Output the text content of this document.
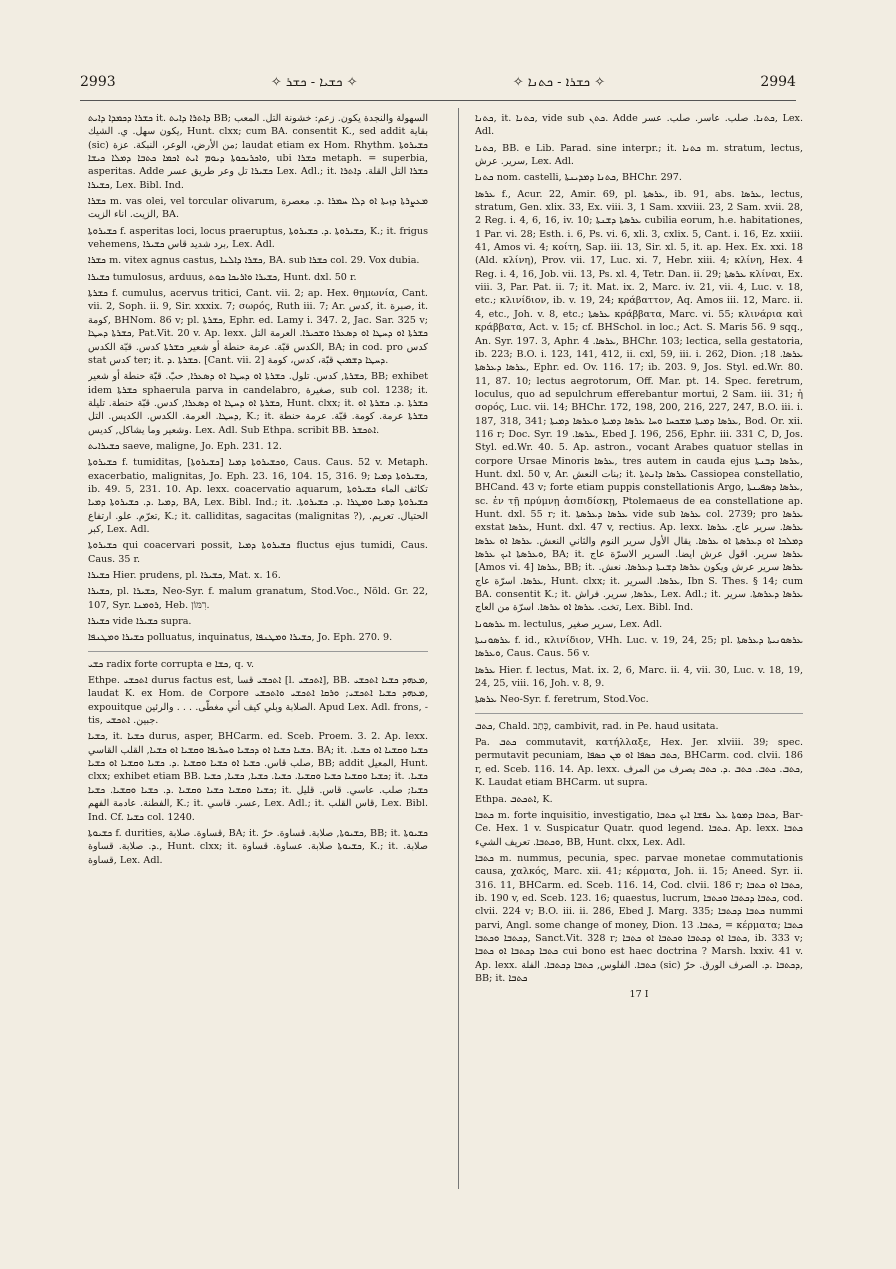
2993	✧ ܟܫܝܐ - ܟܫܪ ✧	✧ ܟܫܪܐ - ܟܬܢܐ ✧	2994

ܟܫܪܐ ܕܟܡܕܐ ܕܐܝܬ it. ܕܐܬܪܐ ܕܐܝܬ BB; السهولة والنجدة يكون. زعم: خشونة التل. المعب يكون سهل. ي. الشيك, Hunt. clxx; cum BA. consentit K., sed addit بقاية (sic) من الأرض، الوعر، النبكة. عزة; laudat etiam ex Hom. Rhythm. ܟܫܝܪܘܬܐ ܘܐܟܪܝܟܘܬܐ ܕܝܘܡ ܐܝܬ ܐܟܡܐ ܟܬܒܐ ܕܡܠܐ ܟܝܫܐ, ubi ܟܫܪܐ metaph. = superbia, asperitas. Adde ܟܫܝܪܐ تل وعر طريق عسر Lex. Adl.; it. ܟܫܪܐ التل القلة. ܕܐܬܪܐ ܟܫܝܪܐ, Lex. Bibl. Ind.

ܟܫܪܐ m. vas olei, vel torcular olivarum, ܡܥܨܪܬܐ ܕܙܝܬܐ ܐܘ ܕܠܐ ܚܡܪܐ .ܕ. معصرة الزيت. اناء الزيت, BA.

ܟܫܝܪܘܬܐ f. asperitas loci, locus praeruptus, ܟܫܝܪܘܬܐ .ܕ. ܟܫܝܪܘܬܐ, K.; it. frigus vehemens, برد شديد قاس ܟܫܝܪܐ, Lex. Adl.

ܟܫܪܐ m. vitex agnus castus, ܟܫܪܐ ܕܐܠܢܐ, BA. sub ܟܫܪܐ col. 29. Vox dubia.

ܟܫܝܪܐ tumulosus, arduus, ܟܫܝܪܐ ܘܐܪܝܟܐ ܟܘܬ, Hunt. dxl. 50 r.

ܟܫܪܬܐ f. cumulus, acervus tritici, Cant. vii. 2; ap. Hex. θημωνία, Cant. vii. 2, Soph. ii. 9, Sir. xxxix. 7; σωρός, Ruth iii. 7; Ar. كدس, it. صبرة, it. كومة, BHNom. 86 v; pl. ܟܫܪܬܐ, Ephr. ed. Lamy i. 347. 2, Jac. Sar. 325 v; ܟܫܪܬܐ ܕܚܛܐ, Pat.Vit. 20 v. Ap. lexx. ܟܫܪܬܐ ܐܘ ܕܚܛܐ ܐܘ ܕܣܥܪܐ ܘܫܟܝܪܐ. العرمة التل الكدس قبّة. عرمة حنطة أو شعير ܟܫܪܬܐ كدس. قبّة الكدس, BA; in cod. pro كدس stat كدس ter; it. ܟܫܪܬܐ .ܕ. [Cant. vii. 2] ܕܚܛܐ ܕܫܡܝܢ قبّة، كدس، كومة.

ܟܫܪܬܐ, كدس. تلول. ܟܫܪܬܐ ܐܘ ܕܚܛܐ ܐܘ ܕܣܥܪܐ, حبّ. قبّة حنطة أو شعير, BB; exhibet idem ܟܫܪܬܐ sphaerula parva in candelabro, صغيرة, sub col. 1238; it. ܟܫܪܬܐ ܐܘ ܕܚܛܐ ܐܘ ܕܣܥܪܐ, كدس. قبّة حنطة. تليلة, Hunt. clxx; it. ܟܫܪܬܐ .ܕ. ܟܫܪܬܐ ܐܘ ܕܚܛܐ. العرمة. الكدس. الكديس. التل, K.; it. ܟܫܪܬܐ عرمة. كومة. قبّة. عرمة حنطة وشعير وما يشاكل, كديس. Lex. Adl. Sub Ethpa. scribit BB. ܐܬܟܫܪ.

ܟܫܝܪܐܝܬ saeve, maligne, Jo. Eph. 231. 12.

ܟܫܝܪܘܬܐ f. tumiditas, [ܟܫܝܪܘܬܐ] ܘܟܫܝܪܘܬܐ ܕܡܝܐ, Caus. Caus. 52 v. Metaph. exacerbatio, malignitas, Jo. Eph. 23. 16, 104. 15, 316. 9; ܟܫܝܪܘܬܐ ܕܡܝܐ, ib. 49. 5, 231. 10. Ap. lexx. coacervatio aquarum, تكاثف الماء ܟܫܝܪܘܬܐ ܕܡܝܐ .ܕ. ܟܫܝܪܘܬܐ ܕܡܝܐ, BA, Lex. Bibl. Ind.; it. ܟܫܝܪܘܬܐ ܕܡܝܐ ܘܡܛܪܐ .ܕ. ܟܫܝܪܘܬܐ. تعرّم. علو. ارتفاع, K.; it. calliditas, sagacitas (malignitas ?), الحتيال. تعريم. كبر, Lex. Adl.

ܟܫܝܪܘܬܐ qui coacervari possit, ܟܫܝܪܘܬܐ ܕܡܝܐ fluctus ejus tumidi, Caus. Caus. 35 r.

ܟܫܝܪܐ Hier. prudens, pl. ܟܫܝܪܐ, Mat. x. 16.

ܟܫܝܪܐ, pl. ܟܫܝܪܐ, Neo-Syr. f. malum granatum, Stod.Voc., Nöld. Gr. 22, 107, Syr. ܪܘܡܢܐ, Heb. רִמּוֹן.

ܟܫܝܪܐ vide ܟܫܝܪܐ supra.

ܟܫܝܪܐ ܘܡܛܢܦܐ polluatus, inquinatus, ܟܫܝܪܐ ܘܡܛܢܦܐ, Jo. Eph. 270. 9.

ܟܫܝ radix forte corrupta e ܟܫܐ, q. v.

Ethpe. ܐܬܟܫܝ durus factus est, ܐܬܟܫܝ قسا [l. ܐܬܟܫܝ], BB. ܡܥܗܕ ܟܫܝܐ ܐܬܟܫܝ, laudat K. ex Hom. de Corpore ܡܥܗܕ ܟܫܝܐ ܐܬܟܫܝ; ܘܪܩܐ ܐܬܟܫܝ ܘܐܬܟܫܝ, expouitque الصلابة وبلي كيف أني مغطّى. . . . والرئين. Apud Lex. Adl. frons, -tis, جبين. ܐܬܟܫܝ.

ܟܫܝܐ, it. ܟܫܝܐ durus, asper, BHCarm. ed. Sceb. Proem. 3. 2. Ap. lexx. ܟܫܝܐ ܟܫܝܐ ܐܘ ܕܟܫܝܐ ܘܚܪܝܦܐ ܘܩܫܝܐ ܐܘ ܟܫܝܐ, القلب القاسي. BA; it. ܟܫܝܐ ܘܩܫܝܐ ܐܘ ܟܫܝܐ. صلب قاس. ܟܫܝܐ ܐܘ ܟܫܝܐ ܘܩܫܝܐ .ܕ. ܟܫܝܐ ܘܩܫܝܐ ܐܘ ܟܫܝܐ, BB; addit المعيل, Hunt. clxx; exhibet etiam BB. ܟܫܝܐ ܘܩܫܝܐ ܟܫܝܐ ܘܩܫܝܐ. ܟܫܝܐ. ܟܫܝܐ, ܟܫܝܐ, ܟܫܝܐ; it. ܟܫܝܐ. ܟܫܝܐ ܘܩܫܝܐ ܟܫܝܐ ܘܩܫܝܐ .ܕ. ܟܫܝܐ ܘܩܫܝܐ. ܟܫܝܐ; it. ܟܫܝܐ; صلب. عاسي. قاس. قليل الفطنة. عادمة الفهم, K.; it. عسر. قاسي, Lex. Adl.; it. قاس القلب, Lex. Bibl. Ind. Cf. ܟܫܝܐ col. 1240.

ܟܫܝܘܬܐ f. durities, قساوة. صلابة, BA; it. ܟܫܝܘܬܐ, صلابة. قساوة. حرّ, BB; it. ܟܫܝܘܬܐ .ܕ. صلابة. قساوة, Hunt. clxx; it. ܟܫܝܘܬܐ صلابة. عساوة. قساوة, K.; it. صلابة. قساوة, Lex. Adl.

ܟܬܢܐ, it. ܟܬܢܐ, vide sub ܟܬܢ. Adde ܟܬܢܐ. صلب. عاسر. صلب. عسر, Lex. Adl.

ܟܬܢܐ, BB. e Lib. Parad. sine interpr.; it. ܟܬܢܐ m. stratum, lectus, سرير. عرش, Lex. Adl.

ܟܬܢܐ nom. castelli, ܟܬܢܐ ܕܡܕܝܢܬܐ, BHChr. 297.

ܥܪܣܐ f., Acur. 22, Amir. 69, pl. ܥܪܣܬܐ, ib. 91, abs. ܥܪܣܐ, lectus, stratum, Gen. xlix. 33, Ex. viii. 3, 1 Sam. xxviii. 23, 2 Sam. xvii. 28, 2 Reg. i. 4, 6, 16, iv. 10; ܥܪܣܬܐ ܕܫܢܬܐ cubilia eorum, h.e. habitationes, 1 Par. vi. 28; Esth. i. 6, Ps. vi. 6, xli. 3, cxlix. 5, Cant. i. 16, Ez. xxiii. 41, Amos vi. 4; κοίτη, Sap. iii. 13, Sir. xl. 5, it. ap. Hex. Ex. xxi. 18 (Ald. κλίνη), Prov. vii. 17, Luc. xi. 7, Hebr. xiii. 4; κλίνη, Hex. 4 Reg. i. 4, 16, Job. vii. 13, Ps. xl. 4, Tetr. Dan. ii. 29; ܥܪܣܬܐ κλίναι, Ex. viii. 3, Par. Pat. ii. 7; it. Mat. ix. 2, Marc. iv. 21, vii. 4, Luc. v. 18, etc.; κλινίδιον, ib. v. 19, 24; κράβαττον, Aq. Amos iii. 12, Marc. ii. 4, etc., Joh. v. 8, etc.; ܥܪܣܬܐ κράββατα, Marc. vi. 55; κλινάρια καὶ κράββατα, Act. v. 15; cf. BHSchol. in loc.; Act. S. Maris 56. 9 sqq., An. Syr. 197. 3, Aphr. ܥܪܣܐ. 4, BHChr. 103; lectica, sella gestatoria, ib. 223; B.O. i. 123, 141, 412, ii. cxl, 59, iii. i. 262, Dion. ܥܪܣܐ. 18; ܥܪܣܐ ܕܥܪܣܬܐ, Ephr. ed. Ov. 116. 17; ib. 203. 9, Jos. Styl. ed.Wr. 80. 11, 87. 10; lectus aegrotorum, Off. Mar. pt. 14. Spec. feretrum, loculus, quo ad sepulchrum efferebantur mortui, 2 Sam. iii. 31; ἡ σορός, Luc. vii. 14; BHChr. 172, 198, 200, 216, 227, 247, B.O. iii. i. 187, 318, 341; ܥܪܣܐ ܕܡܝܬܐ ܡܫܟܚܐ ܘܚܐ ܥܪܣܐ ܕܡܝܬܐ ܘܥܪܣܐ ܕܡܝܬܐ, Bod. Or. xii. 116 r; Doc. Syr. ܥܪܣܐ. 19, Ebed J. 196, 256, Ephr. iii. 331 C, D, Jos. Styl. ed.Wr. 40. 5. Ap. astron., vocant Arabes quatuor stellas in corpore Ursae Minoris ܥܪܣܐ, tres autem in cauda ejus ܥܪܣܐ ܕܒܢܬܐ, Hunt. dxl. 50 v, Ar. بنات النعش; it. ܥܪܣܐ ܕܐܢܬܬܐ Cassiopea constellatio, BHCand. 43 v; forte etiam puppis constellationis Argo, ܥܪܣܐ ܕܣܦܝܢܬܐ, sc. ἐν τῇ πρύμνῃ ἀσπιδίσκῃ, Ptolemaeus de ea constellatione ap. Hunt. dxl. 55 r; it. ܥܪܣܐ ܕܥܪܣܬܐ vide sub ܥܪܣܐ col. 2739; pro ܥܪܣܐ exstat ܥܪܣܐ, Hunt. dxl. 47 v, rectius. Ap. lexx. ܥܪܣܐ. سرير عاج. ܥܪܣܐ ܕܡܠܟܐ ܐܘ ܕܥܪܣܬܐ ܐܘ ܥܪܣܐ. يقال الأول سرير النوم والثاني النعش. ܥܪܣܐ ܐܘ ܥܪܣܐ ܘܥܪܣܬܐ ܐܝܟ ܥܪܣܐ, BA; it. ܥܪܣܐ سرير. اقول عرش ايضا. السرير الاسرّة عاج [Amos vi. 4] ܥܪܣܐ, BB; it. ܥܪܣܐ سرير عرش ويكون ܥܪܣܐ ܕܫܢܬܐ ܕܥܪܣܐ. نعش. ܥܪܣܐ. اسرّة عاج, Hunt. clxx; it. ܥܪܣܐ. السرير, Ibn S. Thes. § 14; cum BA. consentit K.; it. ܥܪܣܐ, سرير. فراش, Lex. Adl.; it. ܥܪܣܐ ܕܥܪܣܬܐ. سرير تخت. ܥܪܣܐ ܐܘ ܥܪܣܐ. اسرّة من العاج, Lex. Bibl. Ind.

ܥܪܣܘܢܐ m. lectulus, سرير صغير, Lex. Adl.

ܥܪܣܘܢܝܬܐ f. id., κλινίδιον, VHh. Luc. v. 19, 24, 25; pl. ܥܪܣܘܢܝܬܐ ܕܥܪܣܬܐ ܘܥܪܣܐ, Caus. Caus. 56 v.

ܥܪܣܐ Hier. f. lectus, Mat. ix. 2, 6, Marc. ii. 4, vii. 30, Luc. v. 18, 19, 24, 25, viii. 16, Joh. v. 8, 9.

ܥܪܣܬܐ Neo-Syr. f. feretrum, Stod.Voc.

ܟܬܒ, Chald. כְּתַב, cambivit, rad. in Pe. haud usitata.

Pa. ܟܬܒ commutavit, κατήλλαξε, Hex. Jer. xlviii. 39; spec. permutavit pecuniam, ܟܬܒ ܟܣܦܐ ܐܘ ܡܢ ܟܣܦܐ, BHCarm. cod. clvii. 186 r, ed. Sceb. 116. 14. Ap. lexx. ܟܬܒ. ܟܬܒ. ܟܬܒ .ܕ. ܟܬܒ يصرف من المرف, K. Laudat etiam BHCarm. ut supra.

Ethpa. ܐܬܟܬܒ, K.

ܟܬܒܐ m. forte inquisitio, investigatio, ܟܬܒܐ ܕܡܘܬܐ ܥܠ ܢܦܫܐ ܐܝܟ ܟܬܒܐ, Bar-Ce. Hex. 1 v. Suspicatur Quatr. quod legend. ܟܬܒܐ. Ap. lexx. ܟܬܒܐ ܘܟܬܒܐ. تعريف الشيء, BB, Hunt. clxx, Lex. Adl.

ܟܬܒܐ m. nummus, pecunia, spec. parvae monetae commutationis causa, χαλκός, Marc. xii. 41; κέρματα, Joh. ii. 15; Aneed. Syr. ii. 316. 11, BHCarm. ed. Sceb. 116. 14, Cod. clvii. 186 r; ܟܬܒܐ ܐܘ ܟܬܒܐ, ib. 190 v, ed. Sceb. 123. 16; quaestus, lucrum, ܟܬܒܐ ܕܟܬܒܐ ܘܟܬܒܐ, cod. clvii. 224 v; B.O. iii. ii. 286, Ebed J. Marg. 335; ܟܬܒܐ ܕܟܬܒܐ nummi parvi, Angl. some change of money, Dion. ܟܬܒܐ. 13, = κέρματα; ܟܬܒܐ ܕܟܬܒܐ ܘܟܬܒܐ, Sanct.Vit. 328 r; ܟܬܒܐ ܐܘ ܕܟܬܒܐ ܘܟܬܒܐ ܐܘ ܟܬܒܐ, ib. 333 v; ܟܬܒܐ ܕܟܬܒܐ ܐܘ ܟܬܒܐ cui bono est haec doctrina ? Marsh. lxxiv. 41 v. Ap. lexx. ܟܬܒܐ. الفلوس, ܟܬܒܐ ܕܟܬܒܐ. الفلة (sic) ܕܟܬܒܐ .ܕ. الصرف الورق. حرّ, BB; it. ܟܬܒܐ

17 I
